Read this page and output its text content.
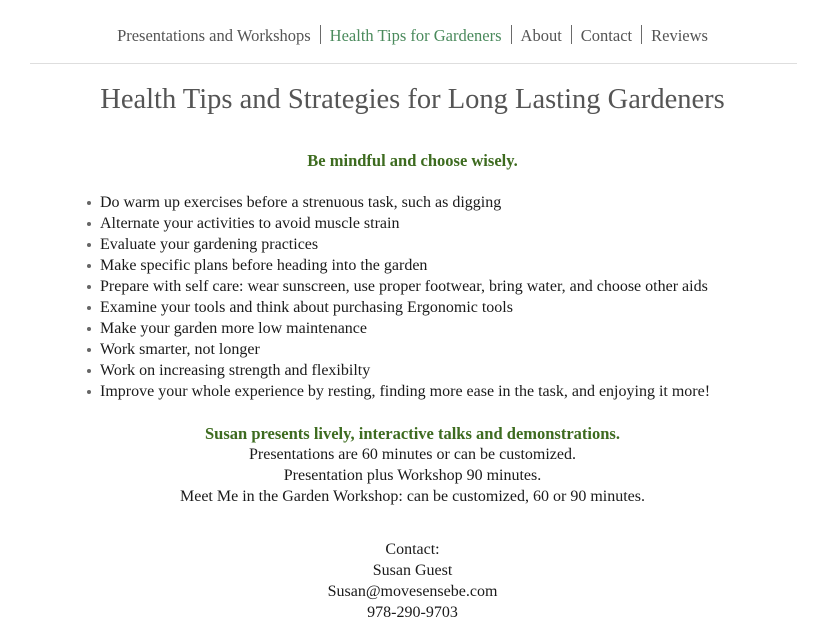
Presentations and Workshops Health Tips for Gardeners About Contact Reviews
Health Tips and Strategies for Long Lasting Gardeners
Be mindful and choose wisely.
Do warm up exercises before a strenuous task, such as digging
Alternate your activities to avoid muscle strain
Evaluate your gardening practices
Make specific plans before heading into the garden
Prepare with self care: wear sunscreen, use proper footwear, bring water, and choose other aids
Examine your tools and think about purchasing Ergonomic tools
Make your garden more low maintenance
Work smarter, not longer
Work on increasing strength and flexibilty
Improve your whole experience by resting, finding more ease in the task, and enjoying it more!
Susan presents lively, interactive talks and demonstrations.
Presentations are 60 minutes or can be customized.
Presentation plus Workshop 90 minutes.
Meet Me in the Garden Workshop: can be customized, 60 or 90 minutes.
Contact:
Susan Guest
Susan@movesensebe.com
978-290-9703
